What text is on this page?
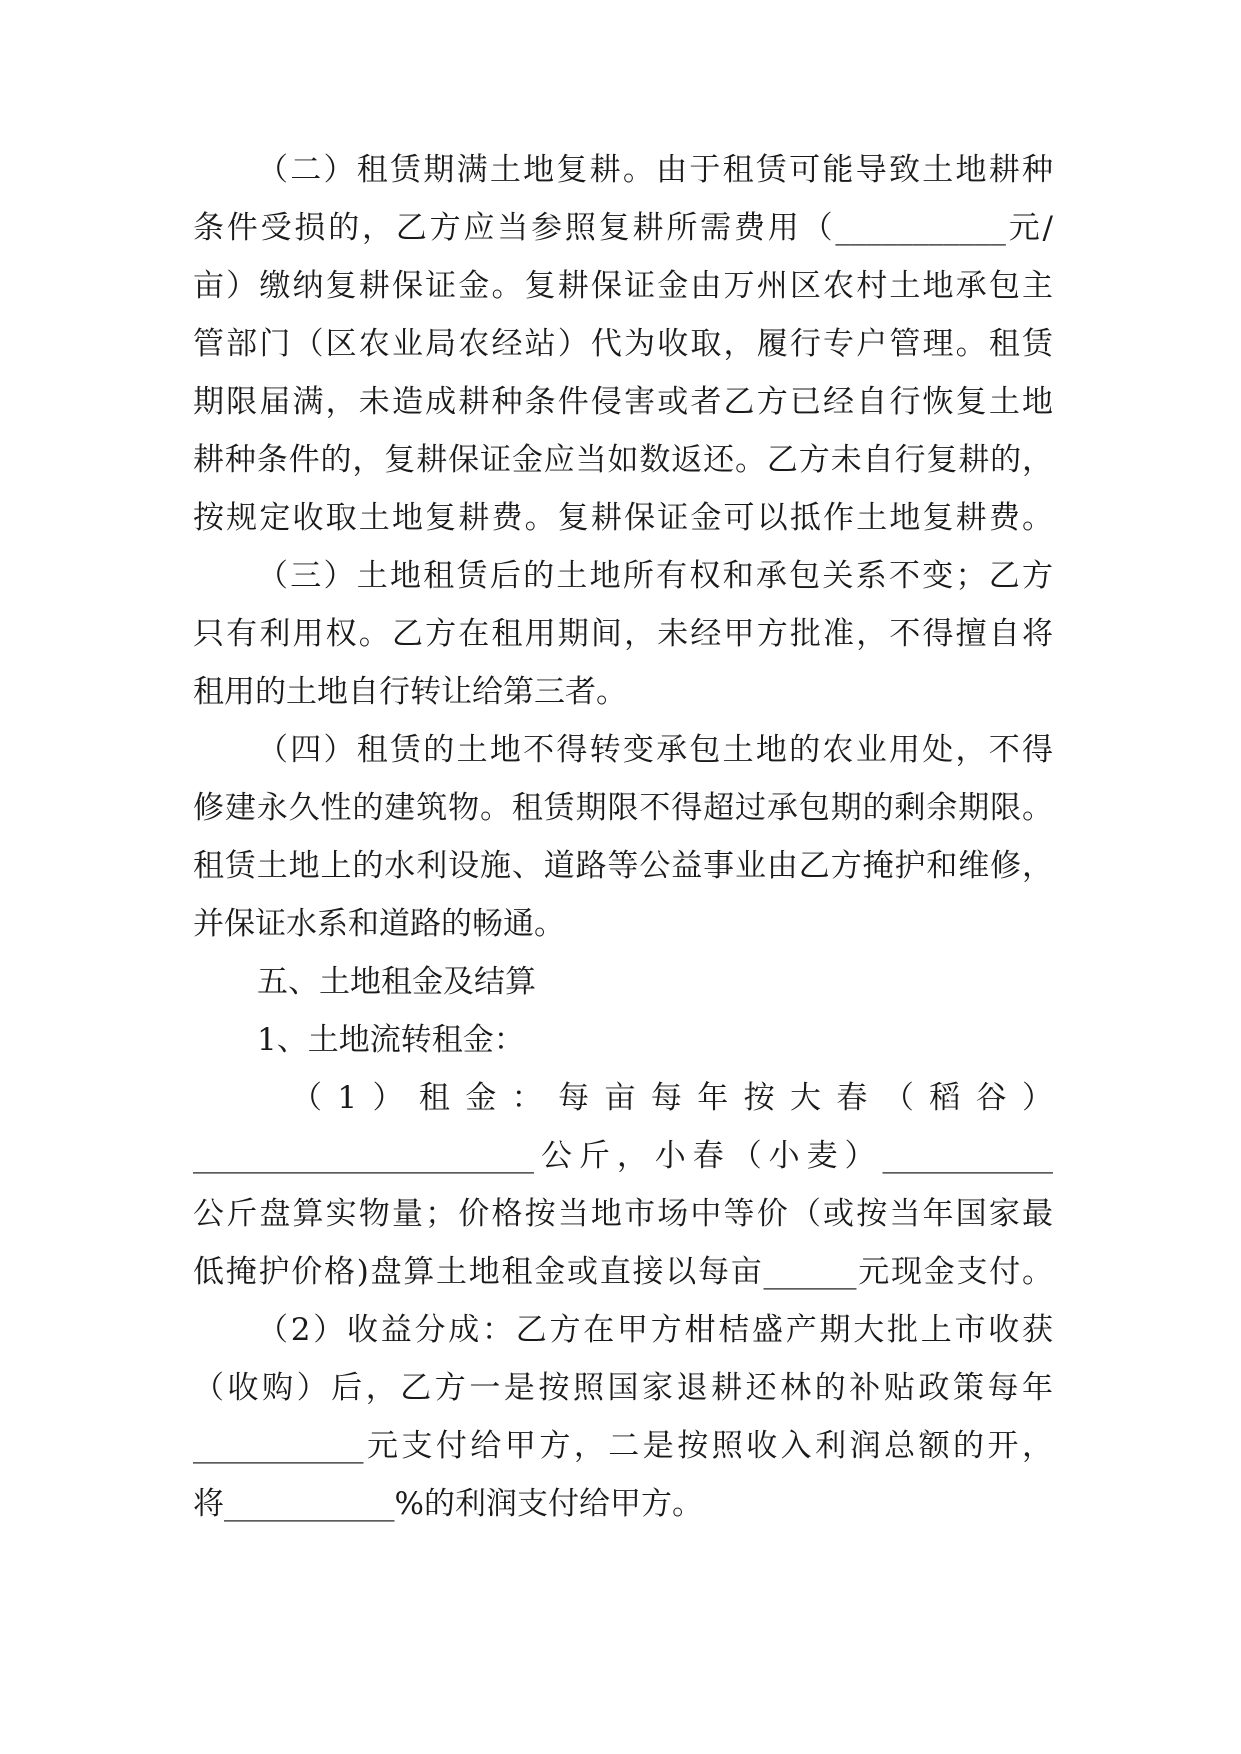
（二）租赁期满土地复耕。由于租赁可能导致土地耕种
条件受损的，乙方应当参照复耕所需费用（___________元/
亩）缴纳复耕保证金。复耕保证金由万州区农村土地承包主
管部门（区农业局农经站）代为收取，履行专户管理。租赁
期限届满，未造成耕种条件侵害或者乙方已经自行恢复土地
耕种条件的，复耕保证金应当如数返还。乙方未自行复耕的，
按规定收取土地复耕费。复耕保证金可以抵作土地复耕费。
（三）土地租赁后的土地所有权和承包关系不变；乙方
只有利用权。乙方在租用期间，未经甲方批准，不得擅自将
租用的土地自行转让给第三者。
（四）租赁的土地不得转变承包土地的农业用处，不得
修建永久性的建筑物。租赁期限不得超过承包期的剩余期限。
租赁土地上的水利设施、道路等公益事业由乙方掩护和维修，
并保证水系和道路的畅通。
五、土地租金及结算
1、土地流转租金：
（1）租金：每亩每年按大春（稻谷）
______________________公斤，小春（小麦）___________
公斤盘算实物量；价格按当地市场中等价（或按当年国家最
低掩护价格)盘算土地租金或直接以每亩______元现金支付。
（2）收益分成：乙方在甲方柑桔盛产期大批上市收获
（收购）后，乙方一是按照国家退耕还林的补贴政策每年
___________元支付给甲方，二是按照收入利润总额的开，
将___________%的利润支付给甲方。
